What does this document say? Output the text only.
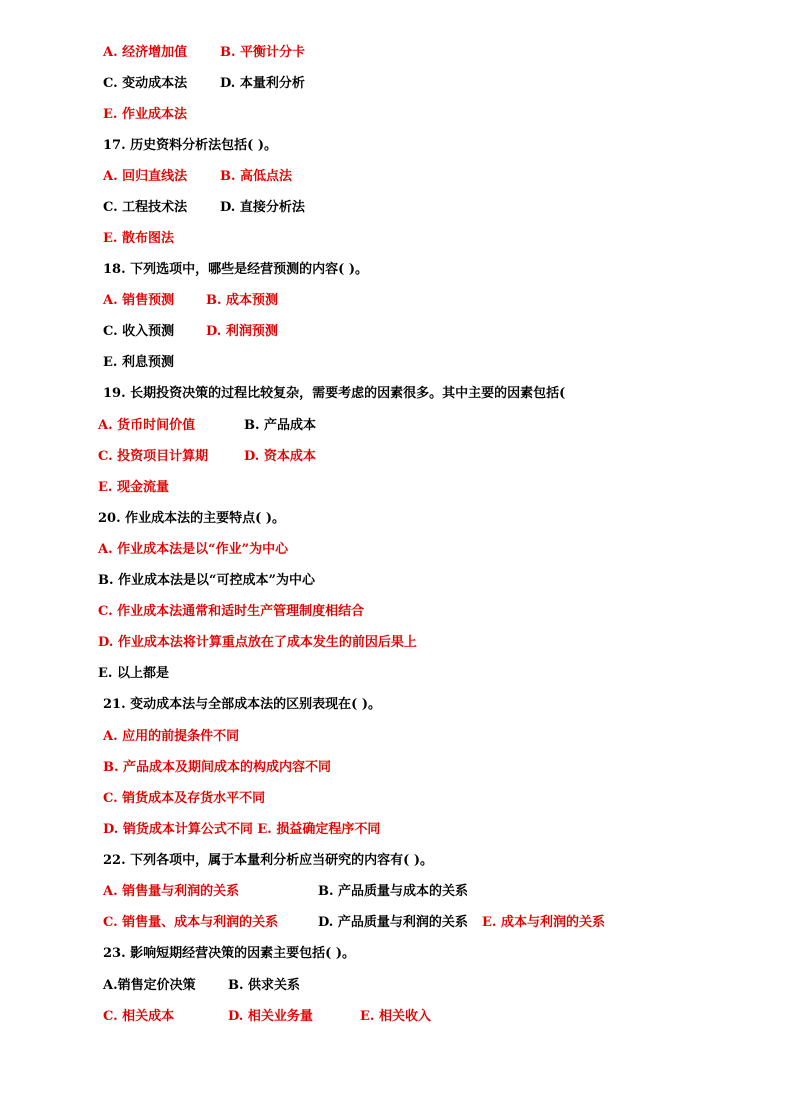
A. 经济增加值	B. 平衡计分卡
C. 变动成本法	D. 本量利分析
E. 作业成本法
17. 历史资料分析法包括( )。
A. 回归直线法	B. 高低点法
C. 工程技术法	D. 直接分析法
E. 散布图法
18. 下列选项中，哪些是经营预测的内容( )。
A. 销售预测 B. 成本预测
C. 收入预测 D. 利润预测
E. 利息预测
19. 长期投资决策的过程比较复杂，需要考虑的因素很多。其中主要的因素包括(
A. 货币时间价值	B. 产品成本
C. 投资项目计算期	D. 资本成本
E. 现金流量
20. 作业成本法的主要特点( )。
A. 作业成本法是以“作业”为中心
B. 作业成本法是以“可控成本”为中心
C. 作业成本法通常和适时生产管理制度相结合
D. 作业成本法将计算重点放在了成本发生的前因后果上
E. 以上都是
21. 变动成本法与全部成本法的区别表现在( )。
A. 应用的前提条件不同
B. 产品成本及期间成本的构成内容不同
C. 销货成本及存货水平不同
D. 销货成本计算公式不同 E. 损益确定程序不同
22. 下列各项中，属于本量利分析应当研究的内容有( )。
A. 销售量与利润的关系	B. 产品质量与成本的关系
C. 销售量、成本与利润的关系	D. 产品质量与利润的关系 E. 成本与利润的关系
23. 影响短期经营决策的因素主要包括( )。
A.销售定价决策 B. 供求关系
C. 相关成本	D. 相关业务量	E. 相关收入
